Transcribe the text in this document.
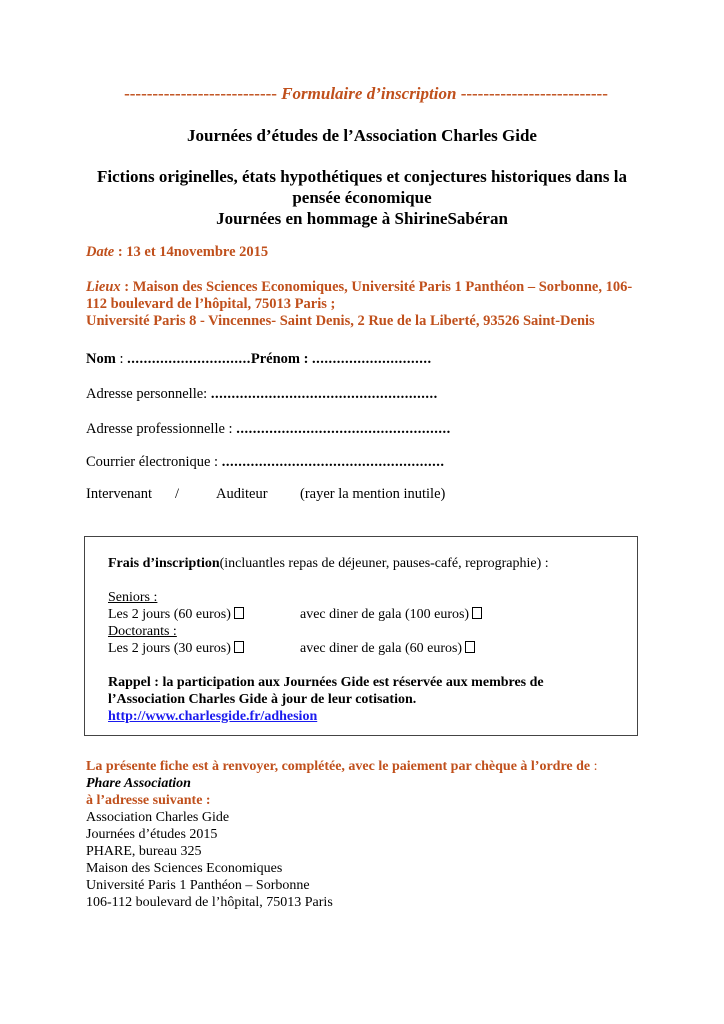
--------------------------- Formulaire d’inscription --------------------------
Journées d’études de l’Association Charles Gide
Fictions originelles, états hypothétiques et conjectures historiques dans la
pensée économique
Journées en hommage à ShirineSabéran
Date : 13 et 14novembre 2015
Lieux : Maison des Sciences Economiques, Université Paris 1 Panthéon – Sorbonne, 106-
112 boulevard de l’hôpital, 75013 Paris ;
Université Paris 8 - Vincennes- Saint Denis, 2 Rue de la Liberté, 93526 Saint-Denis
Nom : ..............................Prénom : .............................
Adresse personnelle: .......................................................
Adresse professionnelle : ....................................................
Courrier électronique : ......................................................
Intervenant /	Auditeur (rayer la mention inutile)
Frais d’inscription(incluantles repas de déjeuner, pauses-café, reprographie) :
Seniors :
Les 2 jours (60 euros)	avec diner de gala (100 euros)
Doctorants :
Les 2 jours (30 euros)	avec diner de gala (60 euros)
Rappel : la participation aux Journées Gide est réservée aux membres de
l’Association Charles Gide à jour de leur cotisation.
http://www.charlesgide.fr/adhesion
La présente fiche est à renvoyer, complétée, avec le paiement par chèque à l’ordre de :
Phare Association
à l’adresse suivante :
Association Charles Gide
Journées d’études 2015
PHARE, bureau 325
Maison des Sciences Economiques
Université Paris 1 Panthéon – Sorbonne
106-112 boulevard de l’hôpital, 75013 Paris
